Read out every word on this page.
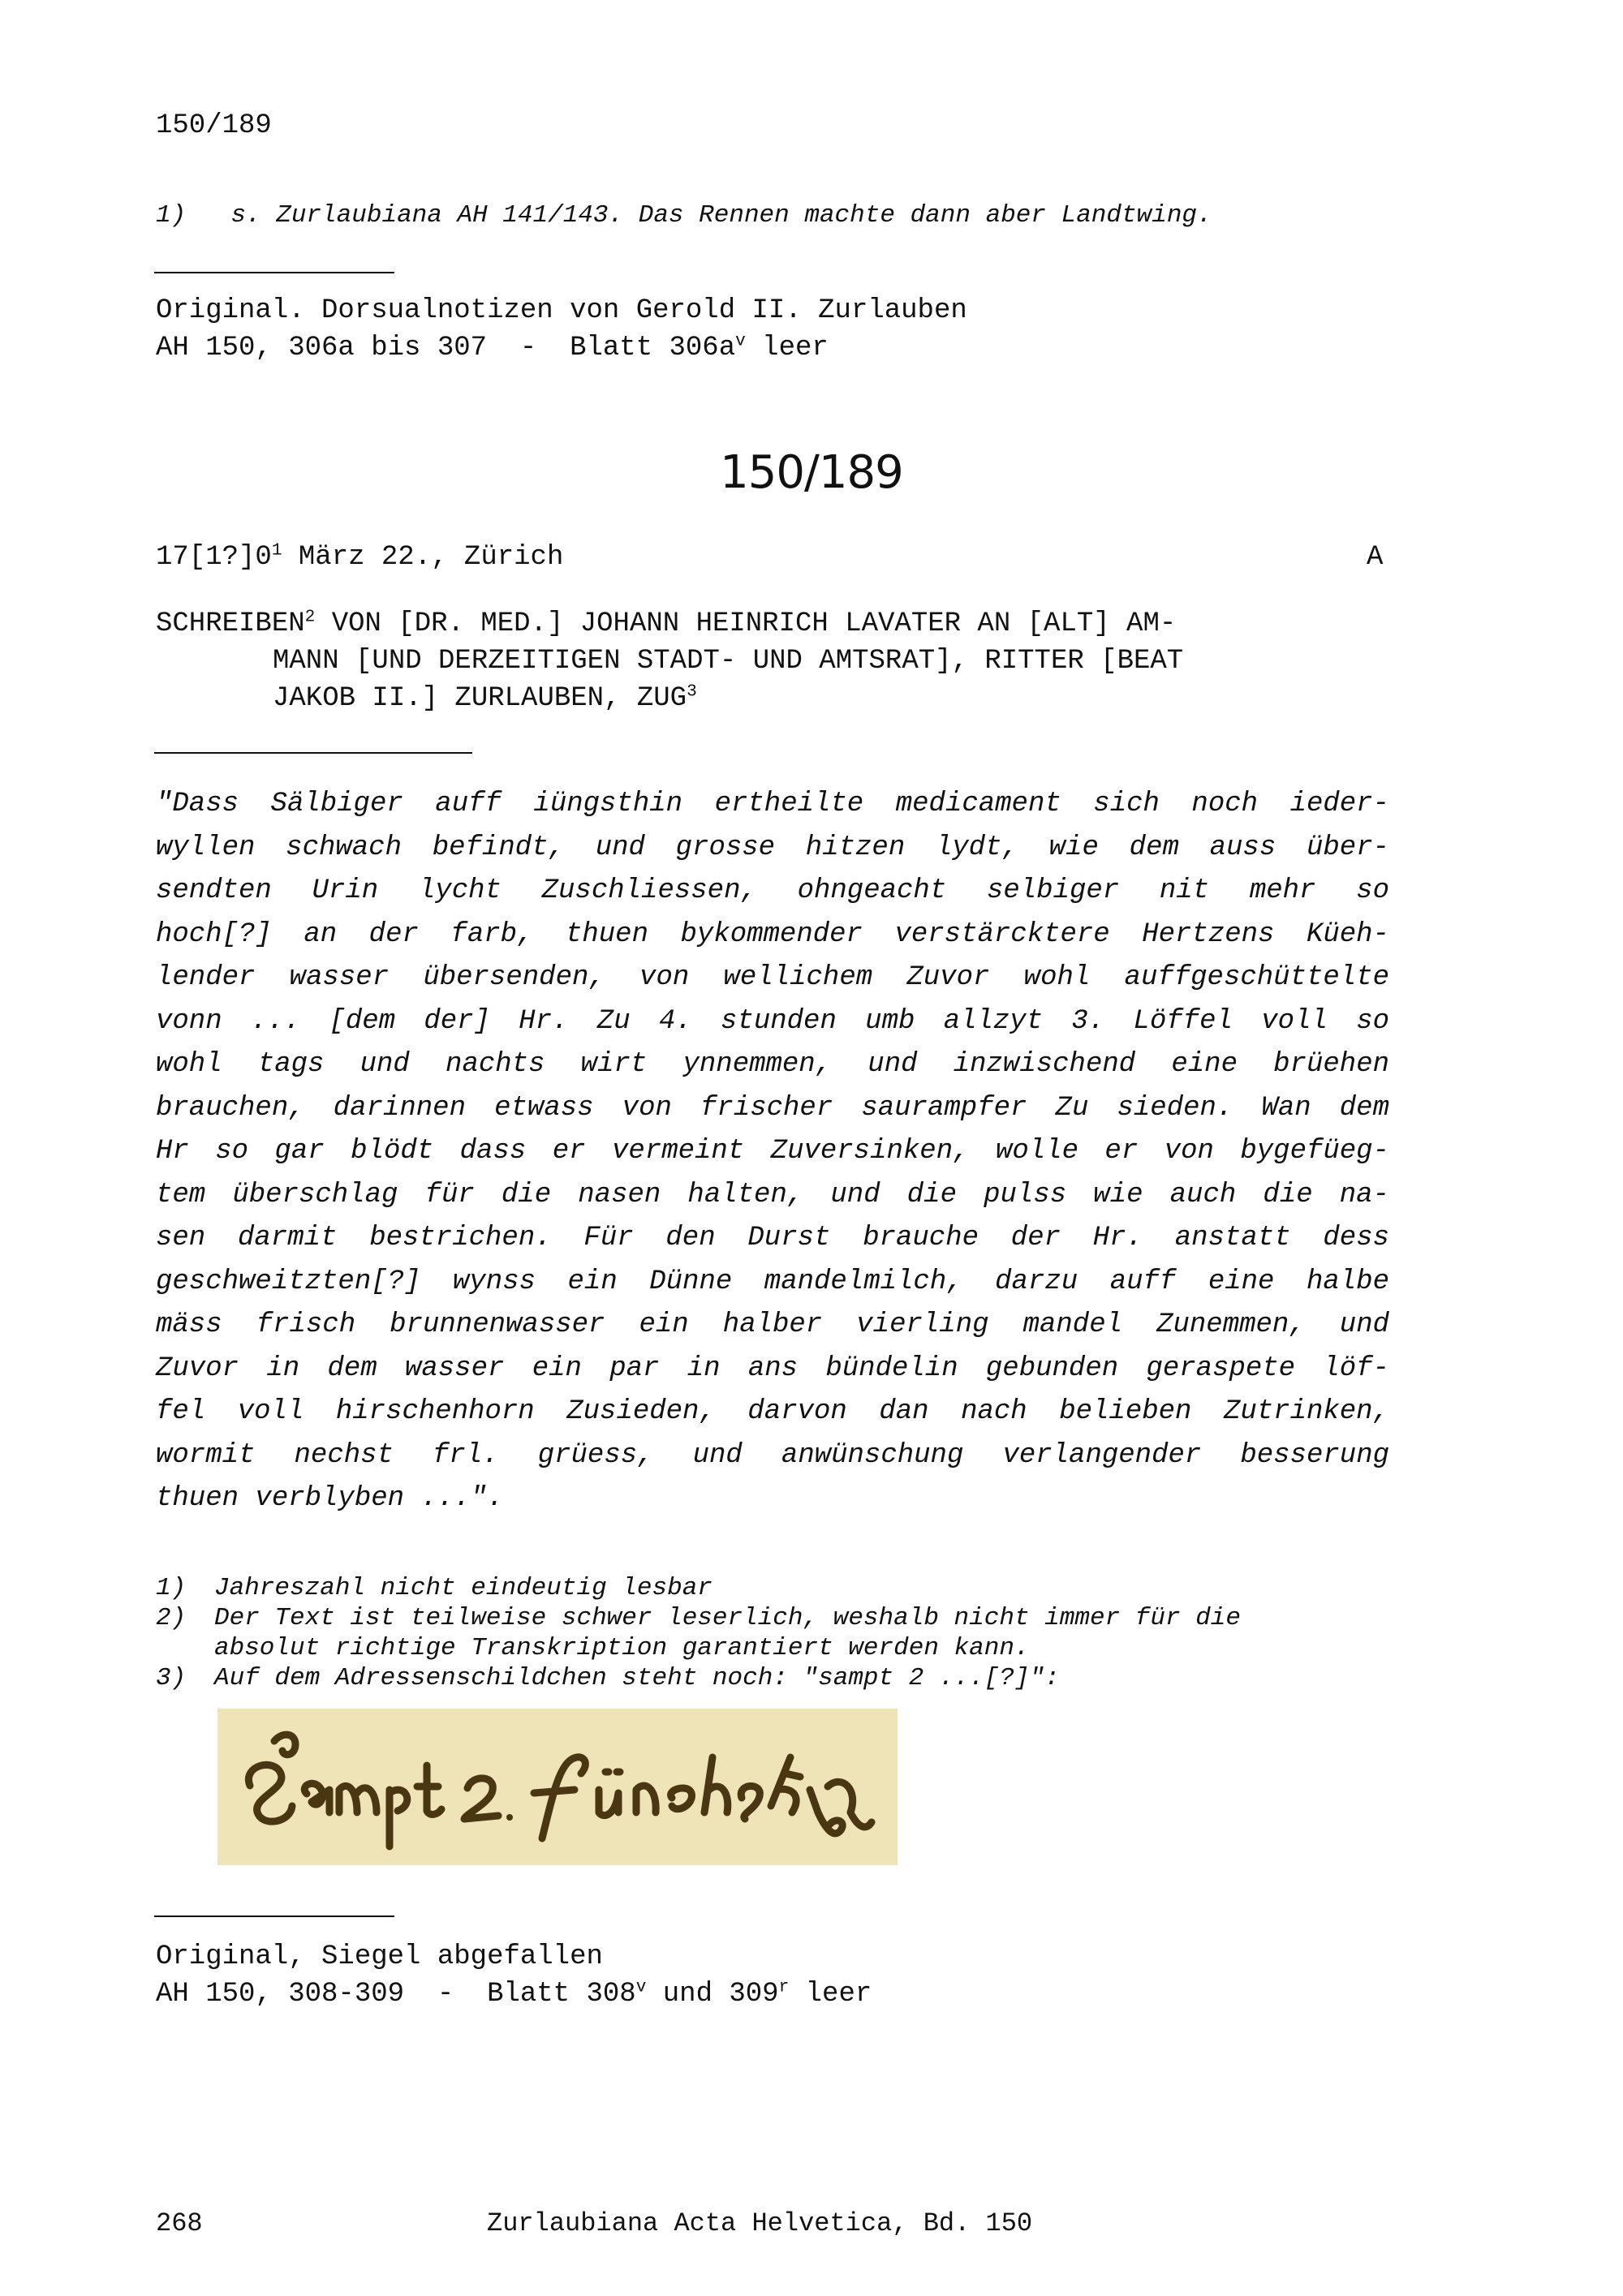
150/189
1) s. Zurlaubiana AH 141/143. Das Rennen machte dann aber Landtwing.
Original. Dorsualnotizen von Gerold II. Zurlauben
AH 150, 306a bis 307  -  Blatt $306a^v$ leer
150/189
$17[1?]0^1$ März 22., Zürich	A
SCHREIBEN$^2$ VON [DR. MED.] JOHANN HEINRICH LAVATER AN [ALT] AM-
MANN [UND DERZEITIGEN STADT- UND AMTSRAT], RITTER [BEAT
JAKOB II.] ZURLAUBEN, ZUG$^3$
"Dass Sälbiger auff iüngsthin ertheilte medicament sich noch ieder-
wyllen schwach befindt, und grosse hitzen lydt, wie dem auss über-
sendten Urin lycht Zuschliessen, ohngeacht selbiger nit mehr so
hoch[?] an der farb, thuen bykommender verstärcktere Hertzens Küeh-
lender wasser übersenden, von wellichem Zuvor wohl auffgeschüttelte
vonn ... [dem der] Hr. Zu 4. stunden umb allzyt 3. Löffel voll so
wohl tags und nachts wirt ynnemmen, und inzwischend eine brüehen
brauchen, darinnen etwass von frischer saurampfer Zu sieden. Wan dem
Hr so gar blödt dass er vermeint Zuversinken, wolle er von bygefüeg-
tem überschlag für die nasen halten, und die pulss wie auch die na-
sen darmit bestrichen. Für den Durst brauche der Hr. anstatt dess
geschweitzten[?] wynss ein Dünne mandelmilch, darzu auff eine halbe
mäss frisch brunnenwasser ein halber vierling mandel Zunemmen, und
Zuvor in dem wasser ein par in ans bündelin gebunden geraspete löf-
fel voll hirschenhorn Zusieden, darvon dan nach belieben Zutrinken,
wormit nechst frl. grüess, und anwünschung verlangender besserung
thuen verblyben ...".
1)	Jahreszahl nicht eindeutig lesbar
2)	Der Text ist teilweise schwer leserlich, weshalb nicht immer für die
absolut richtige Transkription garantiert werden kann.
3)	Auf dem Adressenschildchen steht noch: "sampt 2 ...[?]":
Original, Siegel abgefallen
AH 150, 308-309  -  Blatt 308$^v$ und 309$^r$ leer
268	Zurlaubiana Acta Helvetica, Bd. 150
